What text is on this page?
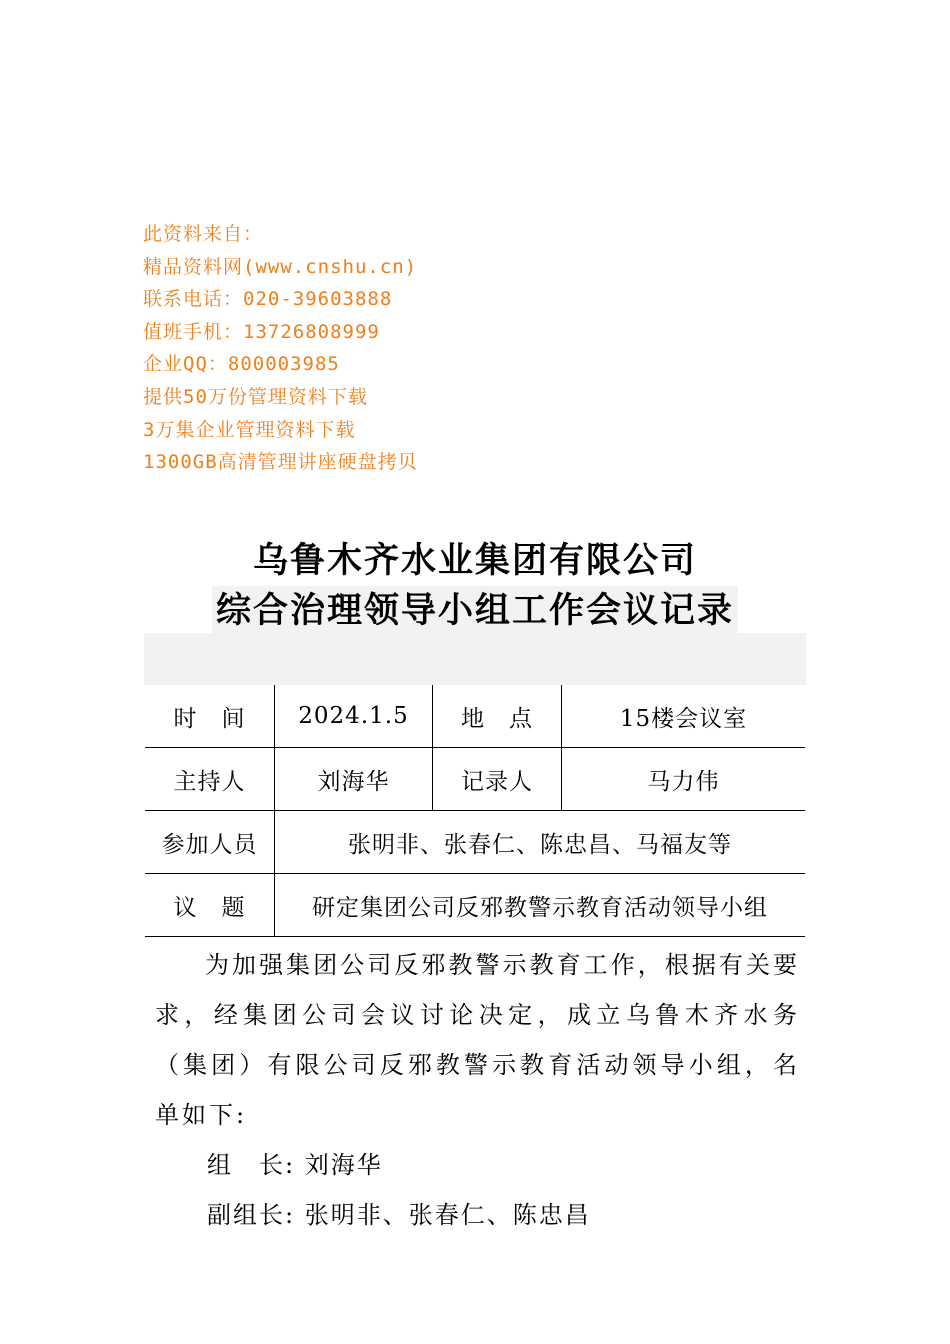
此资料来自：
精品资料网(www.cnshu.cn)
联系电话：020-39603888
值班手机：13726808999
企业QQ：800003985
提供50万份管理资料下载
3万集企业管理资料下载
1300GB高清管理讲座硬盘拷贝
乌鲁木齐水业集团有限公司
综合治理领导小组工作会议记录
时　间	2024.1.5	地　点	15楼会议室
主持人	刘海华	记录人	马力伟
参加人员	张明非、张春仁、陈忠昌、马福友等		
议　题	研定集团公司反邪教警示教育活动领导小组		
为加强集团公司反邪教警示教育工作，根据有关要求，经集团公司会议讨论决定，成立乌鲁木齐水务（集团）有限公司反邪教警示教育活动领导小组，名单如下:
组　长: 刘海华
副组长: 张明非、张春仁、陈忠昌
